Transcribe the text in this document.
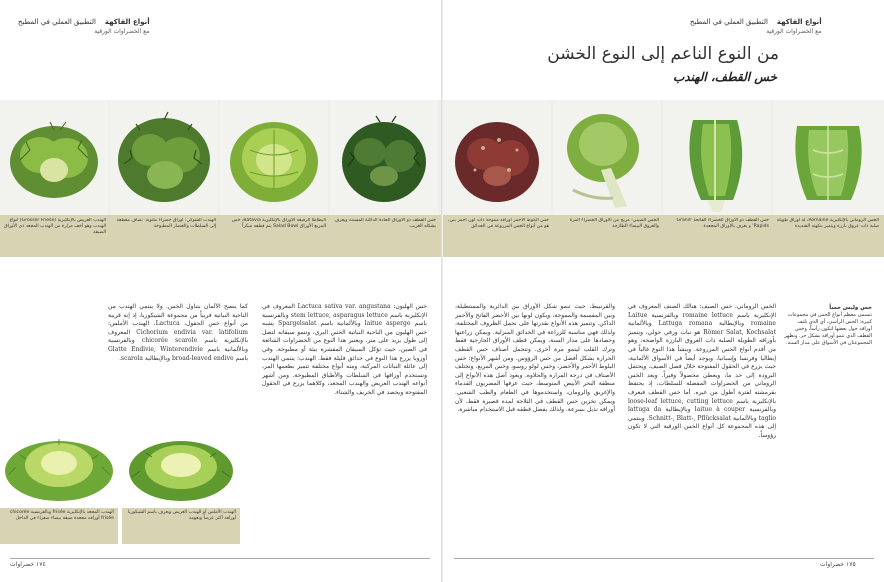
أنواع الفاكهة    التطبيق العملي في المطبخ
مع الخضراوات الورقية
أنواع الفاكهة    التطبيق العملي في المطبخ
مع الخضراوات الورقية
من النوع الناعم إلى النوع الخشن
خس القطف، الهندب
الهندب العريض بالإنكليزية (Grosser Friese) أنواع الهندب وهو أخف مرارة من الهندب المجعد ذي الأوراق الضيقة
الهندب الشوكي: أوراق خضراء ملتوية. تضاف مقطعة إلى السلطات والخضار المطبوخة
البطاطا الرقيقة الأوراق بالإنكليزية Batavia، خس المربع الأوراق Salad Bowl يتم قطفه مبكراً
خس القطف ذو الأوراق الحادة الداكنة المسننة ويعرف بشكله الغريب
خس البلوط الأحمر أوراقه مموجة ذات لون أحمر بني، هو من أنواع الخس المزروعة في الحدائق
الخس الصيني: مزيج من الأوراق الخضراء المرة والعروق البيضاء الطازجة
خس القطف ذو الأوراق الخضراء الفاتحة 'Grand Rapids' و يعرف بالأوراق المجعدة
الخس الروماني بالإنكليزية Romaine، له أوراق طويلة صلبة ذات عروق بارزة ويتميز بنكهته الشديدة
خس وليس خساً
تتسمى معظم أنواع الخس في مجموعات كبيرة: الخس الرأسي، أي الذي تلتف أوراقه حول بعضها لتكون رأساً، وخس القطف الذي تنمو أوراقه بشكل حر. وتظهر المجموعتان في الأسواق على مدار السنة.
الخس الروماني، خس الصيف: هنالك الصنف المعروف في الإنكليزية باسم romaine lettuce وبالفرنسية Laitue romaine وبالإيطالية Lattuga romana وبالألمانية Römer Salat, Kochsalat هو نبات ورقي حولي، ويتميز بأوراقه الطويلة الصلبة ذات العروق البارزة الواضحة، وهو من أقدم أنواع الخس المزروعة. وينشأ هذا النوع غالباً في إيطاليا وفرنسا وإسبانيا، ويوجد أيضاً في الأسواق الألمانية، حيث يزرع في الحقول المفتوحة خلال فصل الصيف. ويحتمل البرودة إلى حد ما، ويعطي محصولاً وفيراً. ويعد الخس الروماني من الخضراوات المفضلة للسلطات، إذ يحتفظ بقرمشته لفترة أطول من غيره. أما خس القطف فيعرف بالإنكليزية باسم loose-leaf lettuce, cutting lettuce وبالفرنسية laitue à couper وبالإيطالية lattuga da taglio وبالألمانية Schnitt-, Blatt-, Pflücksalat. وينتمي إلى هذه المجموعة كل أنواع الخس الورقية التي لا تكون رؤوساً.
والقرنبيط، حيث تنمو شكل الأوراق بين الدائرية والمستطيلة، وبين المقسمة والمموجة، ويكون لونها بين الأخضر الفاتح والأحمر الداكن. وتتميز هذه الأنواع بقدرتها على تحمل الظروف المختلفة، ولذلك فهي مناسبة للزراعة في الحدائق المنزلية. ويمكن زراعتها وحصادها على مدار السنة. ويمكن قطف الأوراق الخارجية فقط وترك القلب لينمو مرة أخرى. وتتحمل أصناف خس القطف الحرارة بشكل أفضل من خس الرؤوس. ومن أشهر الأنواع: خس البلوط الأحمر والأخضر، وخس لولو روسو، وخس المربع. وتختلف الأصناف في درجة المرارة والحلاوة. ويعود أصل هذه الأنواع إلى منطقة البحر الأبيض المتوسط، حيث عرفها المصريون القدماء والإغريق والرومان، واستخدموها في الطعام والطب الشعبي. ويمكن تخزين خس القطف في الثلاجة لمدة قصيرة فقط، لأن أوراقه تذبل بسرعة. ولذلك يفضل قطفه قبل الاستخدام مباشرة.
خس الهليون: Lactuca sativa var. angustana المعروف في الإنكليزية باسم stem lettuce, asparagus lettuce وبالفرنسية باسم laitue asperge وبالألمانية باسم Spargelsalat يشبه خس الهليون من الناحية النباتية الخس البري، وتنمو سيقانه لتصل إلى طول يزيد على متر. ويعتبر هذا النوع من الخضراوات الشائعة في الصين، حيث تؤكل السيقان المقشرة نيئة أو مطبوخة. وفي أوروبا يزرع هذا النوع في حدائق قليلة فقط. الهندب: ينتمي الهندب إلى عائلة النباتات المركبة، ومنه أنواع مختلفة تتميز بطعمها المر، وتستخدم أوراقها في السلطات والأطباق المطبوخة. ومن أشهر أنواعه الهندب العريض والهندب المجعد، وكلاهما يزرع في الحقول المفتوحة ويحصد في الخريف والشتاء.
كما ينصح الألمان بتناول الخس. ولا ينتمي الهندب من الناحية النباتية فريباً من مجموعة الشيكوريا، إذ إنه قريبة من أنواع خس الحقول، Lactuca. الهندب الأملس: Cichorium endivia var. latifolium المعروف بالإنكليزية باسم chicorée scarole وبالفرنسية وبالألمانية باسم Glatte Endivie, Winterendivie باسم broad-leaved endive وبالإيطالية scarola.
الهندب المجعد بالإنكليزية frisée وبالفرنسية chicorée frisée أوراقه مجعدة ضيقة بيضاء صفراء في الداخل
الهندب الأملس أو الهندب العريض ويعرف باسم الشيكوريا أوراقه أكثر عرضاً ونعومة
١٧٤ خضراوات	١٧٥ خضراوات
